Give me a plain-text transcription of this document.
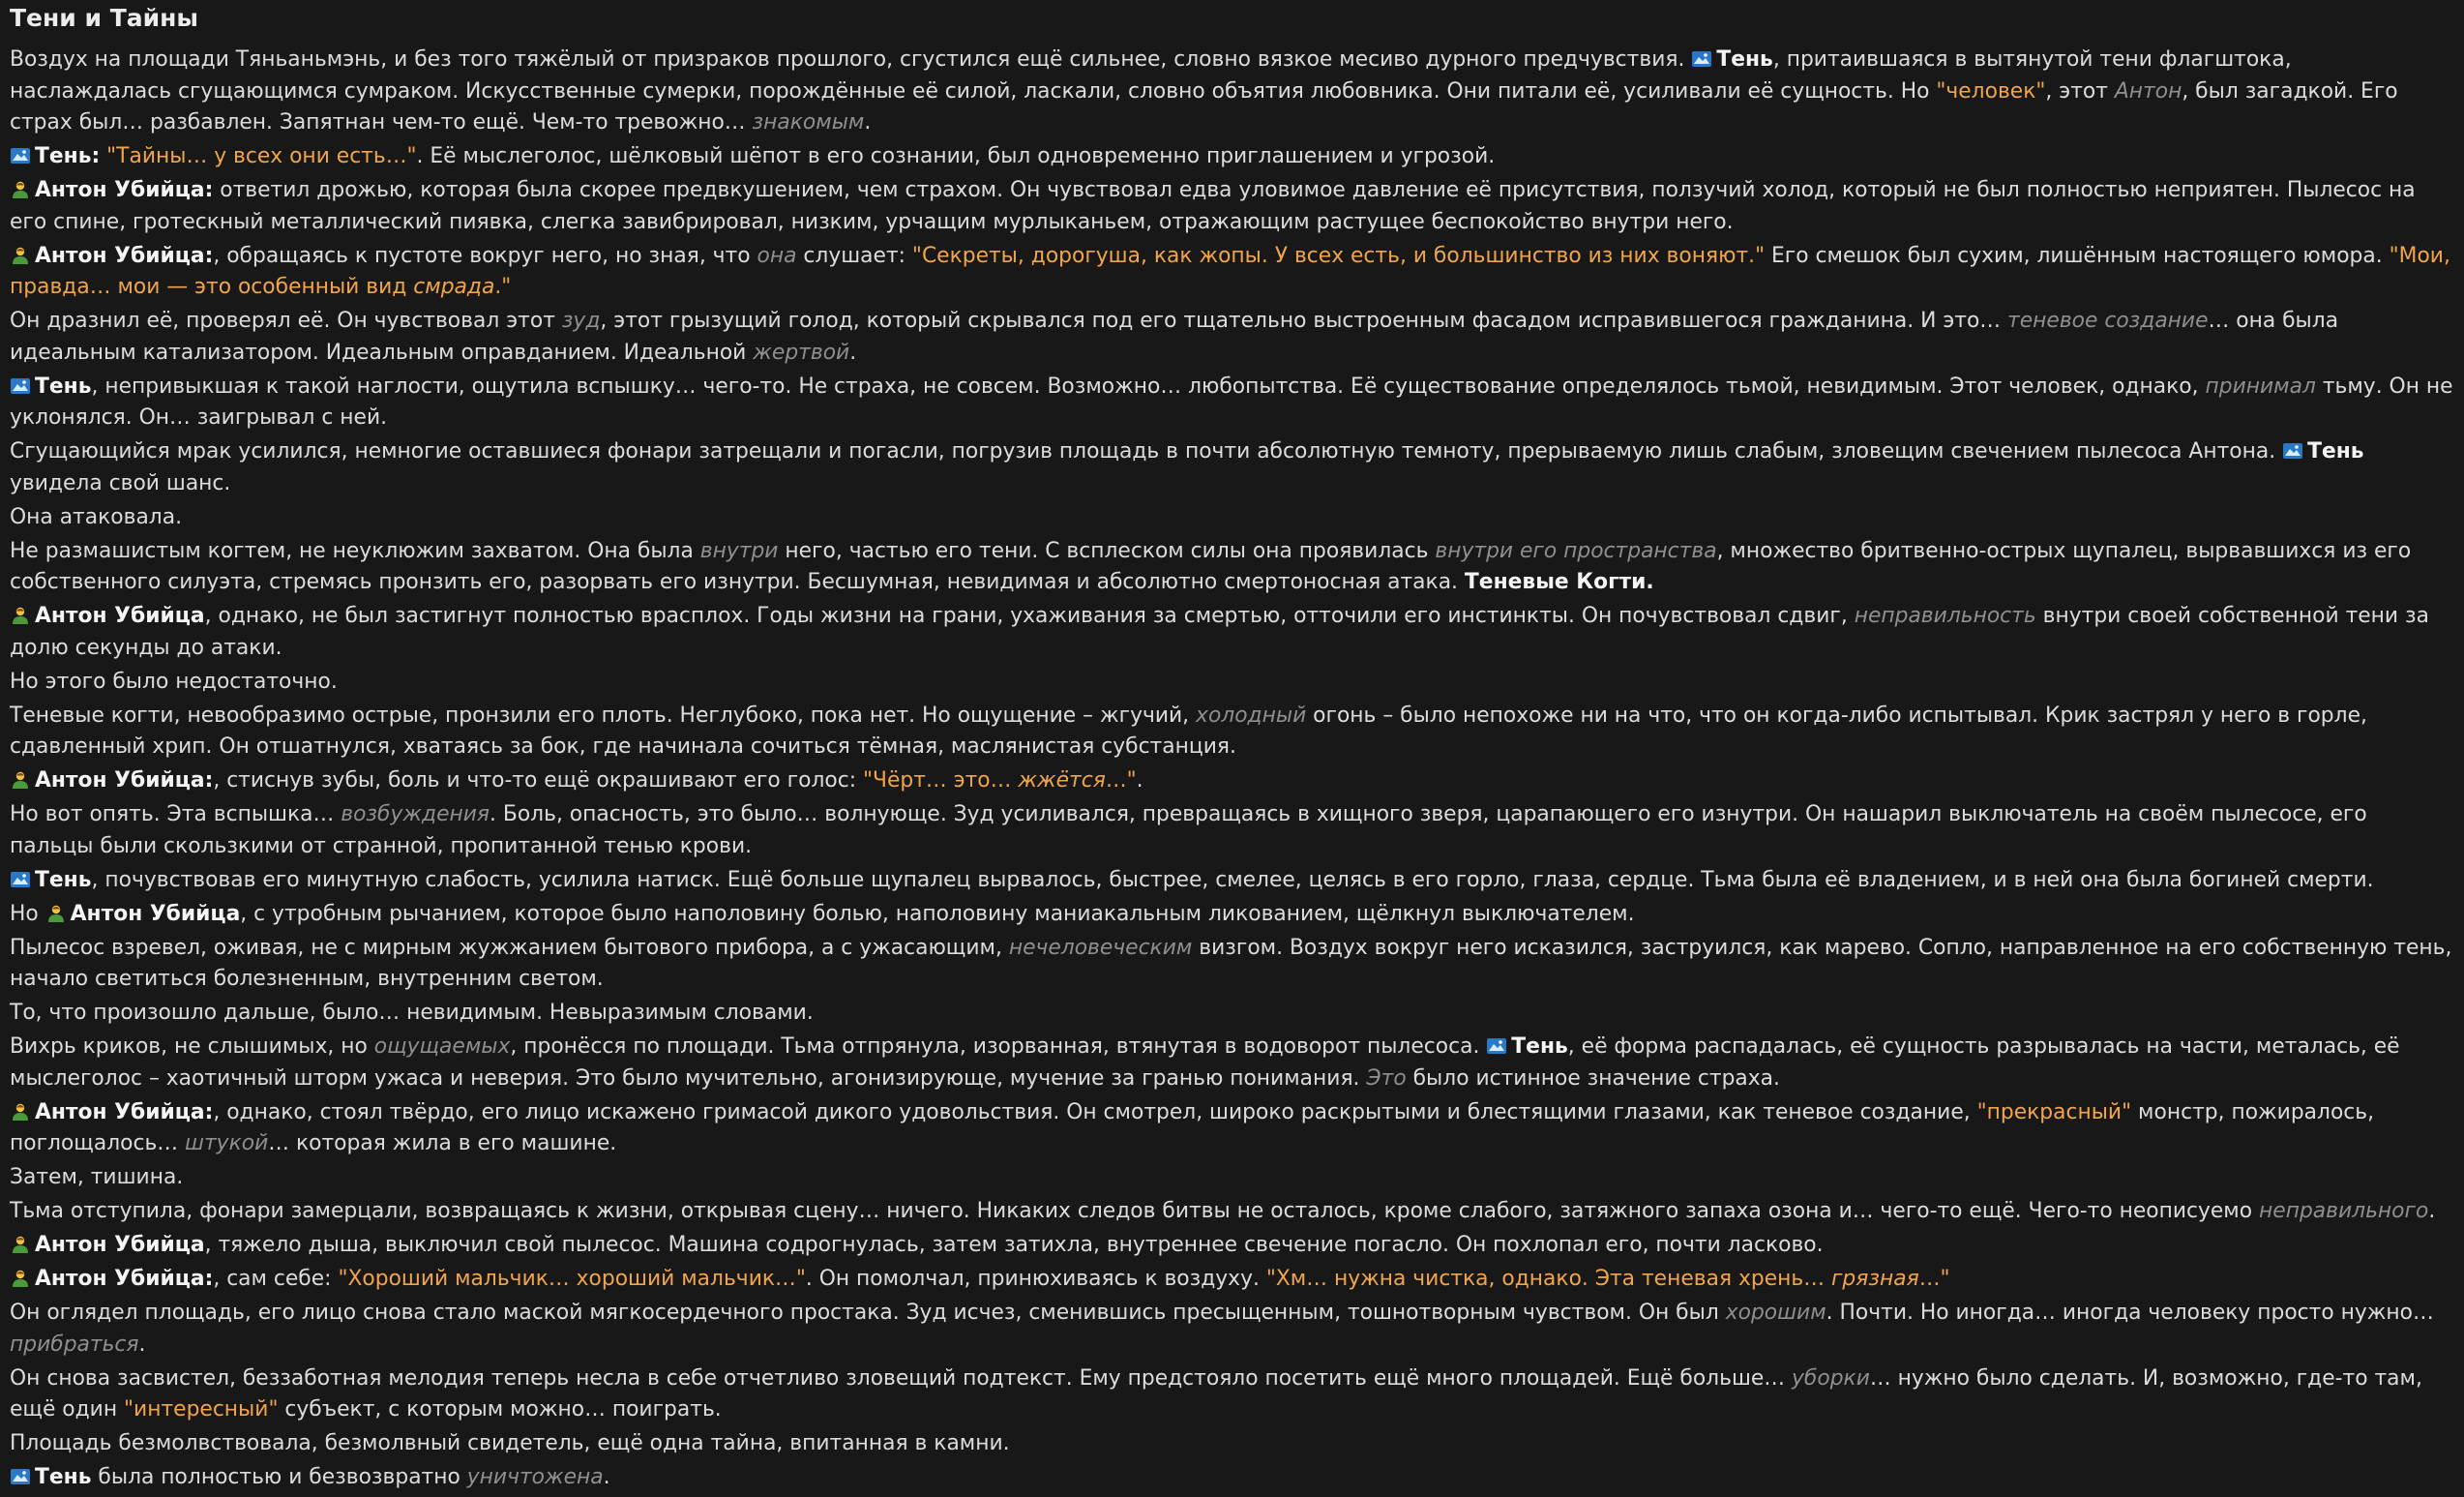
Тени и Тайны

Воздух на площади Тяньаньмэнь, и без того тяжёлый от призраков прошлого, сгустился ещё сильнее, словно вязкое месиво дурного предчувствия. Тень, притаившаяся в вытянутой тени флагштока, наслаждалась сгущающимся сумраком. Искусственные сумерки, порождённые её силой, ласкали, словно объятия любовника. Они питали её, усиливали её сущность. Но "человек", этот Антон, был загадкой. Его страх был… разбавлен. Запятнан чем-то ещё. Чем-то тревожно… знакомым.

Тень: "Тайны… у всех они есть…". Её мыслеголос, шёлковый шёпот в его сознании, был одновременно приглашением и угрозой.

Антон Убийца: ответил дрожью, которая была скорее предвкушением, чем страхом. Он чувствовал едва уловимое давление её присутствия, ползучий холод, который не был полностью неприятен. Пылесос на его спине, гротескный металлический пиявка, слегка завибрировал, низким, урчащим мурлыканьем, отражающим растущее беспокойство внутри него.

Антон Убийца:, обращаясь к пустоте вокруг него, но зная, что она слушает: "Секреты, дорогуша, как жопы. У всех есть, и большинство из них воняют." Его смешок был сухим, лишённым настоящего юмора. "Мои, правда… мои — это особенный вид смрада."

Он дразнил её, проверял её. Он чувствовал этот зуд, этот грызущий голод, который скрывался под его тщательно выстроенным фасадом исправившегося гражданина. И это… теневое создание… она была идеальным катализатором. Идеальным оправданием. Идеальной жертвой.

Тень, непривыкшая к такой наглости, ощутила вспышку… чего-то. Не страха, не совсем. Возможно… любопытства. Её существование определялось тьмой, невидимым. Этот человек, однако, принимал тьму. Он не уклонялся. Он… заигрывал с ней.

Сгущающийся мрак усилился, немногие оставшиеся фонари затрещали и погасли, погрузив площадь в почти абсолютную темноту, прерываемую лишь слабым, зловещим свечением пылесоса Антона. Тень увидела свой шанс.

Она атаковала.

Не размашистым когтем, не неуклюжим захватом. Она была внутри него, частью его тени. С всплеском силы она проявилась внутри его пространства, множество бритвенно-острых щупалец, вырвавшихся из его собственного силуэта, стремясь пронзить его, разорвать его изнутри. Бесшумная, невидимая и абсолютно смертоносная атака. Теневые Когти.

Антон Убийца, однако, не был застигнут полностью врасплох. Годы жизни на грани, ухаживания за смертью, отточили его инстинкты. Он почувствовал сдвиг, неправильность внутри своей собственной тени за долю секунды до атаки.

Но этого было недостаточно.

Теневые когти, невообразимо острые, пронзили его плоть. Неглубоко, пока нет. Но ощущение – жгучий, холодный огонь – было непохоже ни на что, что он когда-либо испытывал. Крик застрял у него в горле, сдавленный хрип. Он отшатнулся, хватаясь за бок, где начинала сочиться тёмная, маслянистая субстанция.

Антон Убийца:, стиснув зубы, боль и что-то ещё окрашивают его голос: "Чёрт… это… жжётся…".

Но вот опять. Эта вспышка… возбуждения. Боль, опасность, это было… волнующе. Зуд усиливался, превращаясь в хищного зверя, царапающего его изнутри. Он нашарил выключатель на своём пылесосе, его пальцы были скользкими от странной, пропитанной тенью крови.

Тень, почувствовав его минутную слабость, усилила натиск. Ещё больше щупалец вырвалось, быстрее, смелее, целясь в его горло, глаза, сердце. Тьма была её владением, и в ней она была богиней смерти.

Но Антон Убийца, с утробным рычанием, которое было наполовину болью, наполовину маниакальным ликованием, щёлкнул выключателем.

Пылесос взревел, оживая, не с мирным жужжанием бытового прибора, а с ужасающим, нечеловеческим визгом. Воздух вокруг него исказился, заструился, как марево. Сопло, направленное на его собственную тень, начало светиться болезненным, внутренним светом.

То, что произошло дальше, было… невидимым. Невыразимым словами.

Вихрь криков, не слышимых, но ощущаемых, пронёсся по площади. Тьма отпрянула, изорванная, втянутая в водоворот пылесоса. Тень, её форма распадалась, её сущность разрывалась на части, металась, её мыслеголос – хаотичный шторм ужаса и неверия. Это было мучительно, агонизирующе, мучение за гранью понимания. Это было истинное значение страха.

Антон Убийца:, однако, стоял твёрдо, его лицо искажено гримасой дикого удовольствия. Он смотрел, широко раскрытыми и блестящими глазами, как теневое создание, "прекрасный" монстр, пожиралось, поглощалось… штукой… которая жила в его машине.

Затем, тишина.

Тьма отступила, фонари замерцали, возвращаясь к жизни, открывая сцену… ничего. Никаких следов битвы не осталось, кроме слабого, затяжного запаха озона и… чего-то ещё. Чего-то неописуемо неправильного.

Антон Убийца, тяжело дыша, выключил свой пылесос. Машина содрогнулась, затем затихла, внутреннее свечение погасло. Он похлопал его, почти ласково.

Антон Убийца:, сам себе: "Хороший мальчик… хороший мальчик…". Он помолчал, принюхиваясь к воздуху. "Хм… нужна чистка, однако. Эта теневая хрень… грязная…"

Он оглядел площадь, его лицо снова стало маской мягкосердечного простака. Зуд исчез, сменившись пресыщенным, тошнотворным чувством. Он был хорошим. Почти. Но иногда… иногда человеку просто нужно… прибраться.

Он снова засвистел, беззаботная мелодия теперь несла в себе отчетливо зловещий подтекст. Ему предстояло посетить ещё много площадей. Ещё больше… уборки… нужно было сделать. И, возможно, где-то там, ещё один "интересный" субъект, с которым можно… поиграть.

Площадь безмолвствовала, безмолвный свидетель, ещё одна тайна, впитанная в камни.

Тень была полностью и безвозвратно уничтожена.
